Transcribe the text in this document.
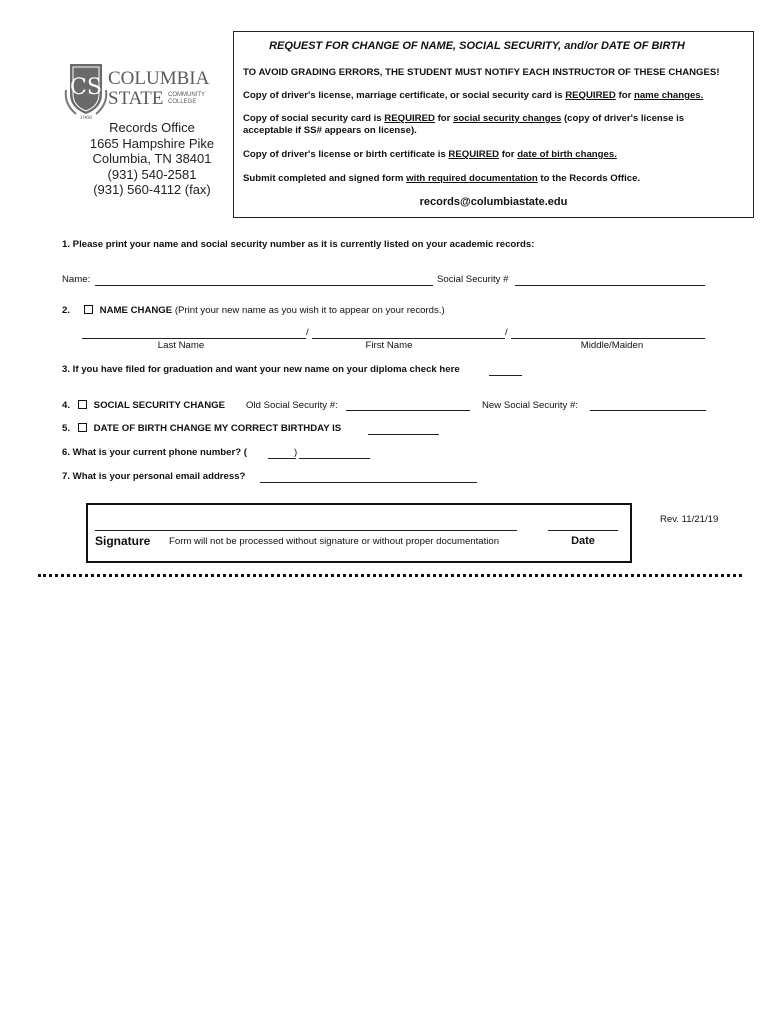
CS
1966
COLUMBIA
STATE COMMUNITY
COLLEGE
Records Office
1665 Hampshire Pike
Columbia, TN 38401
(931) 540-2581
(931) 560-4112 (fax)
REQUEST FOR CHANGE OF NAME, SOCIAL SECURITY, and/or DATE OF BIRTH
TO AVOID GRADING ERRORS, THE STUDENT MUST NOTIFY EACH INSTRUCTOR OF THESE CHANGES!
Copy of driver's license, marriage certificate, or social security card is REQUIRED for name changes.
Copy of social security card is REQUIRED for social security changes (copy of driver's license is acceptable if SS# appears on license).
Copy of driver's license or birth certificate is REQUIRED for date of birth changes.
Submit completed and signed form with required documentation to the Records Office.
records@columbiastate.edu
1. Please print your name and social security number as it is currently listed on your academic records:
Name:	Social Security #
2.	NAME CHANGE (Print your new name as you wish it to appear on your records.)
/	/
Last Name	First Name	Middle/Maiden
3. If you have filed for graduation and want your new name on your diploma check here
4.	SOCIAL SECURITY CHANGE Old Social Security #:	New Social Security #:
5.	DATE OF BIRTH CHANGE MY CORRECT BIRTHDAY IS
6. What is your current phone number? (	)
7. What is your personal email address?
Signature Form will not be processed without signature or without proper documentation	Date
Rev. 11/21/19
